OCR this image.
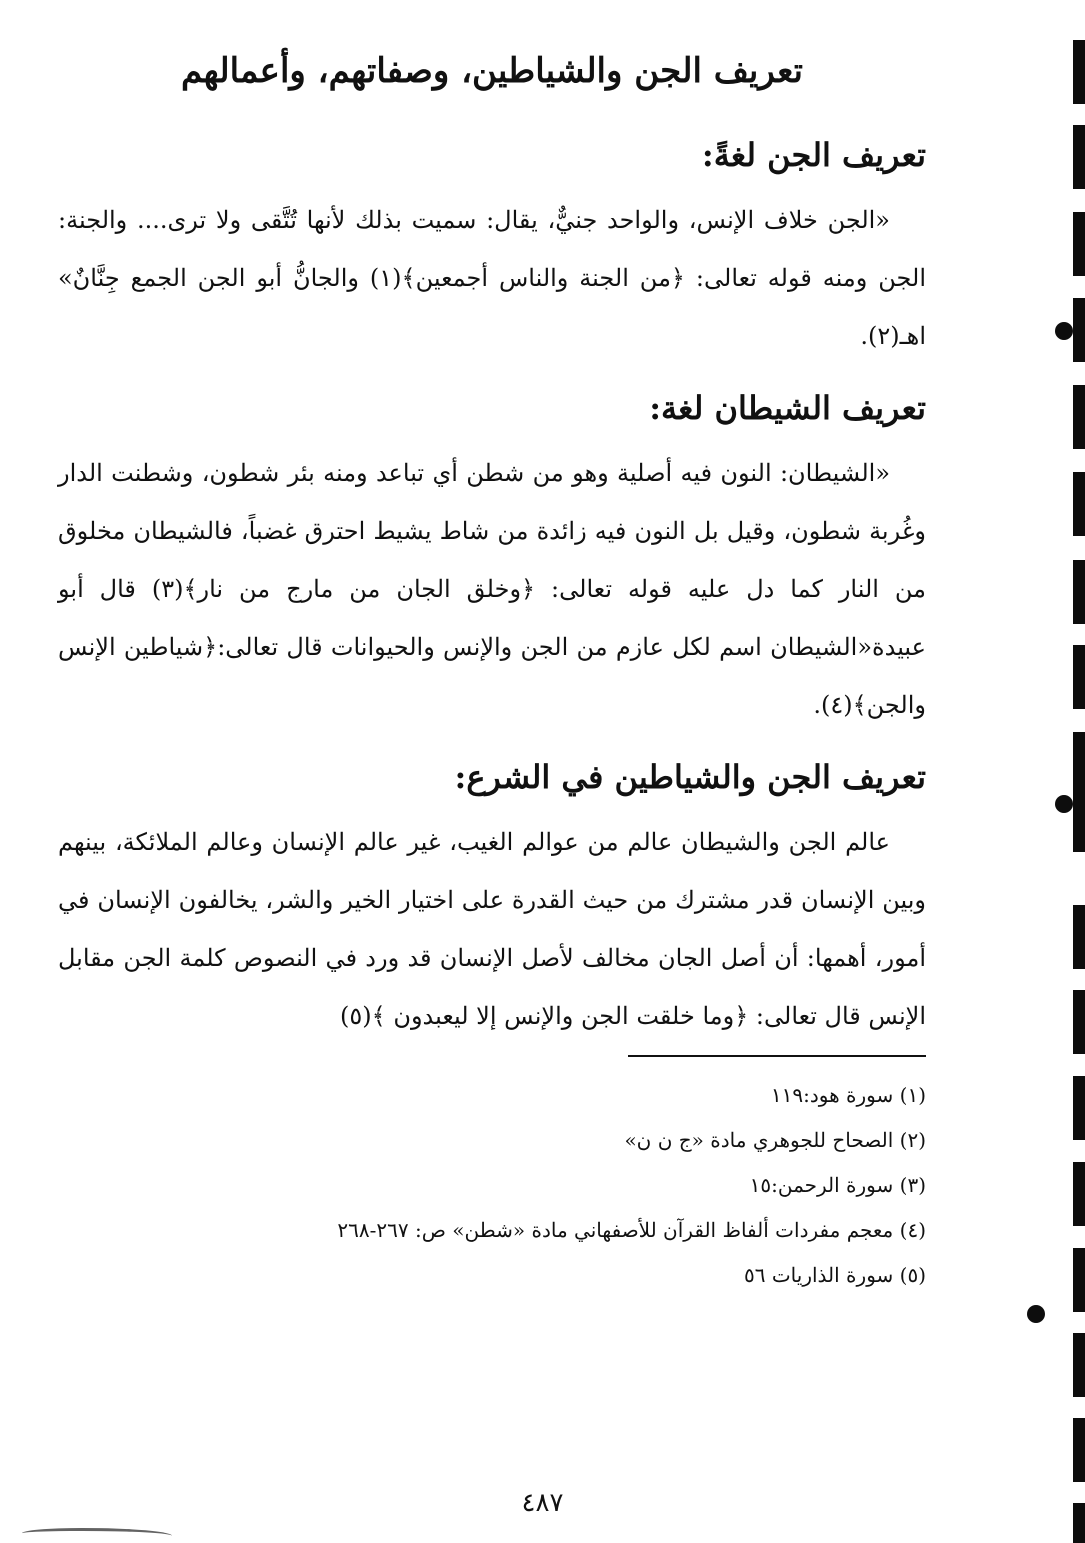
تعريف الجن والشياطين، وصفاتهم، وأعمالهم
تعريف الجن لغةً:

«الجن خلاف الإنس، والواحد جنيٌّ، يقال: سميت بذلك لأنها تُتَّقى ولا ترى.... والجنة: الجن ومنه قوله تعالى: ﴿من الجنة والناس أجمعين﴾(١) والجانُّ أبو الجن الجمع جِنَّانٌ» اهـ(٢).

تعريف الشيطان لغة:

«الشيطان: النون فيه أصلية وهو من شطن أي تباعد ومنه بئر شطون، وشطنت الدار وغُربة شطون، وقيل بل النون فيه زائدة من شاط يشيط احترق غضباً، فالشيطان مخلوق من النار كما دل عليه قوله تعالى: ﴿وخلق الجان من مارج من نار﴾(٣) قال أبو عبيدة«الشيطان اسم لكل عازم من الجن والإنس والحيوانات قال تعالى:﴿شياطين الإنس والجن﴾(٤).

تعريف الجن والشياطين في الشرع:

عالم الجن والشيطان عالم من عوالم الغيب، غير عالم الإنسان وعالم الملائكة، بينهم وبين الإنسان قدر مشترك من حيث القدرة على اختيار الخير والشر، يخالفون الإنسان في أمور، أهمها: أن أصل الجان مخالف لأصل الإنسان قد ورد في النصوص كلمة الجن مقابل الإنس قال تعالى: ﴿وما خلقت الجن والإنس إلا ليعبدون ﴾(٥)

(١) سورة هود:١١٩
(٢) الصحاح للجوهري مادة «ج ن ن»
(٣) سورة الرحمن:١٥
(٤) معجم مفردات ألفاظ القرآن للأصفهاني مادة «شطن» ص: ٢٦٧-٢٦٨
(٥) سورة الذاريات ٥٦
٤٨٧
